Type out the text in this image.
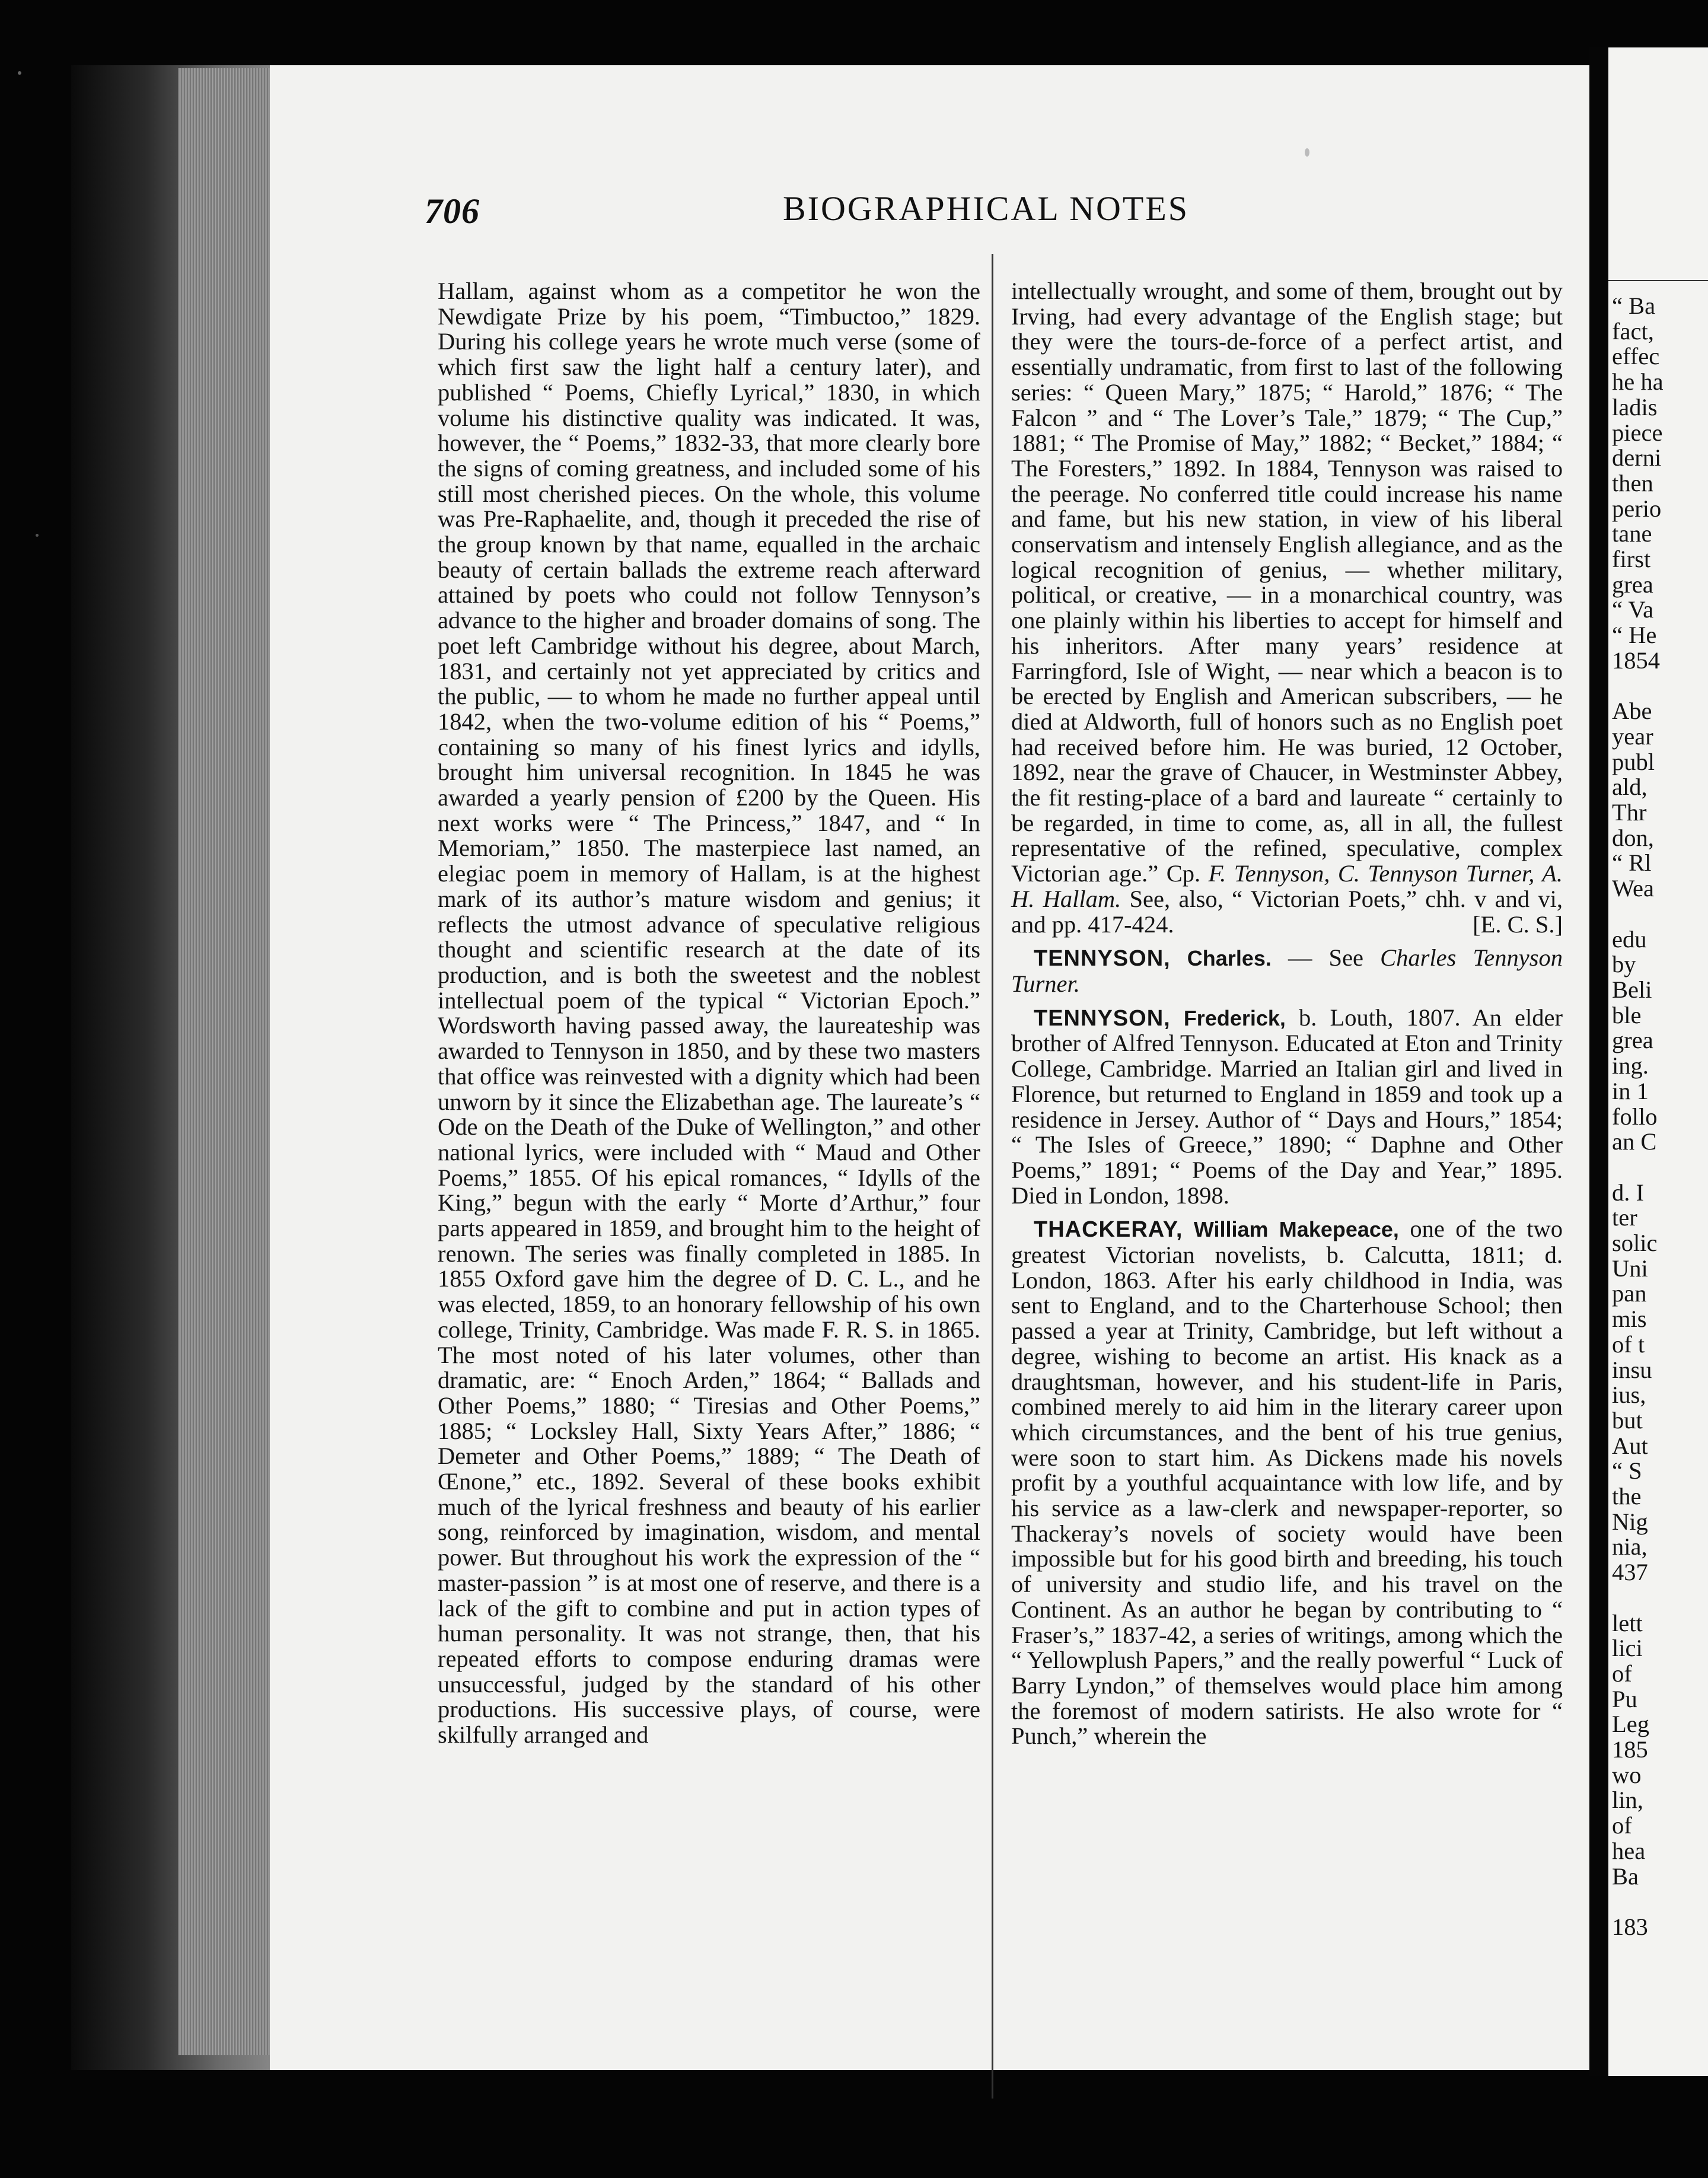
“ Ba
fact,
effec
he ha
ladis
piece
derni
then
perio
tane
first
grea
“ Va
“ He
1854

Abe
year
publ
ald,
Thr
don,
“ Rl
Wea

edu
by
Beli
ble
grea
ing.
in 1
follo
an C

d. I
ter
solic
Uni
pan
mis
of t
insu
ius,
but
Aut
“ S
the
Nig
nia,
437

lett
lici
of
Pu
Leg
185
wo
lin,
of
hea
Ba

183
706	BIOGRAPHICAL NOTES

Hallam, against whom as a competitor he won the Newdigate Prize by his poem, “Timbuctoo,” 1829. During his college years he wrote much verse (some of which first saw the light half a century later), and published “ Poems, Chiefly Lyrical,” 1830, in which volume his distinctive quality was indicated. It was, however, the “ Poems,” 1832-33, that more clearly bore the signs of coming greatness, and included some of his still most cherished pieces. On the whole, this volume was Pre-Raphaelite, and, though it preceded the rise of the group known by that name, equalled in the archaic beauty of certain ballads the extreme reach afterward attained by poets who could not follow Tennyson’s advance to the higher and broader domains of song. The poet left Cambridge without his degree, about March, 1831, and certainly not yet appreciated by critics and the public, — to whom he made no further appeal until 1842, when the two-volume edition of his “ Poems,” containing so many of his finest lyrics and idylls, brought him universal recognition. In 1845 he was awarded a yearly pension of £200 by the Queen. His next works were “ The Princess,” 1847, and “ In Memoriam,” 1850. The masterpiece last named, an elegiac poem in memory of Hallam, is at the highest mark of its author’s mature wisdom and genius; it reflects the utmost advance of speculative religious thought and scientific research at the date of its production, and is both the sweetest and the noblest intellectual poem of the typical “ Victorian Epoch.” Wordsworth having passed away, the laureateship was awarded to Tennyson in 1850, and by these two masters that office was reinvested with a dignity which had been unworn by it since the Elizabethan age. The laureate’s “ Ode on the Death of the Duke of Wellington,” and other national lyrics, were included with “ Maud and Other Poems,” 1855. Of his epical romances, “ Idylls of the King,” begun with the early “ Morte d’Arthur,” four parts appeared in 1859, and brought him to the height of renown. The series was finally completed in 1885. In 1855 Oxford gave him the degree of D. C. L., and he was elected, 1859, to an honorary fellowship of his own college, Trinity, Cambridge. Was made F. R. S. in 1865. The most noted of his later volumes, other than dramatic, are: “ Enoch Arden,” 1864; “ Ballads and Other Poems,” 1880; “ Tiresias and Other Poems,” 1885; “ Locksley Hall, Sixty Years After,” 1886; “ Demeter and Other Poems,” 1889; “ The Death of Œnone,” etc., 1892. Several of these books exhibit much of the lyrical freshness and beauty of his earlier song, reinforced by imagination, wisdom, and mental power. But throughout his work the expression of the “ master-passion ” is at most one of reserve, and there is a lack of the gift to combine and put in action types of human personality. It was not strange, then, that his repeated efforts to compose enduring dramas were unsuccessful, judged by the standard of his other productions. His successive plays, of course, were skilfully arranged and

intellectually wrought, and some of them, brought out by Irving, had every advantage of the English stage; but they were the tours-de-force of a perfect artist, and essentially undramatic, from first to last of the following series: “ Queen Mary,” 1875; “ Harold,” 1876; “ The Falcon ” and “ The Lover’s Tale,” 1879; “ The Cup,” 1881; “ The Promise of May,” 1882; “ Becket,” 1884; “ The Foresters,” 1892. In 1884, Tennyson was raised to the peerage. No conferred title could increase his name and fame, but his new station, in view of his liberal conservatism and intensely English allegiance, and as the logical recognition of genius, — whether military, political, or creative, — in a monarchical country, was one plainly within his liberties to accept for himself and his inheritors. After many years’ residence at Farringford, Isle of Wight, — near which a beacon is to be erected by English and American subscribers, — he died at Aldworth, full of honors such as no English poet had received before him. He was buried, 12 October, 1892, near the grave of Chaucer, in Westminster Abbey, the fit resting-place of a bard and laureate “ certainly to be regarded, in time to come, as, all in all, the fullest representative of the refined, speculative, complex Victorian age.” Cp. F. Tennyson, C. Tennyson Turner, A. H. Hallam. See, also, “ Victorian Poets,” chh. v and vi, and pp. 417-424.	[E. C. S.]

TENNYSON, Charles. — See Charles Tennyson Turner.

TENNYSON, Frederick, b. Louth, 1807. An elder brother of Alfred Tennyson. Educated at Eton and Trinity College, Cambridge. Married an Italian girl and lived in Florence, but returned to England in 1859 and took up a residence in Jersey. Author of “ Days and Hours,” 1854; “ The Isles of Greece,” 1890; “ Daphne and Other Poems,” 1891; “ Poems of the Day and Year,” 1895. Died in London, 1898.

THACKERAY, William Makepeace, one of the two greatest Victorian novelists, b. Calcutta, 1811; d. London, 1863. After his early childhood in India, was sent to England, and to the Charterhouse School; then passed a year at Trinity, Cambridge, but left without a degree, wishing to become an artist. His knack as a draughtsman, however, and his student-life in Paris, combined merely to aid him in the literary career upon which circumstances, and the bent of his true genius, were soon to start him. As Dickens made his novels profit by a youthful acquaintance with low life, and by his service as a law-clerk and newspaper-reporter, so Thackeray’s novels of society would have been impossible but for his good birth and breeding, his touch of university and studio life, and his travel on the Continent. As an author he began by contributing to “ Fraser’s,” 1837-42, a series of writings, among which the “ Yellowplush Papers,” and the really powerful “ Luck of Barry Lyndon,” of themselves would place him among the foremost of modern satirists. He also wrote for “ Punch,” wherein the
